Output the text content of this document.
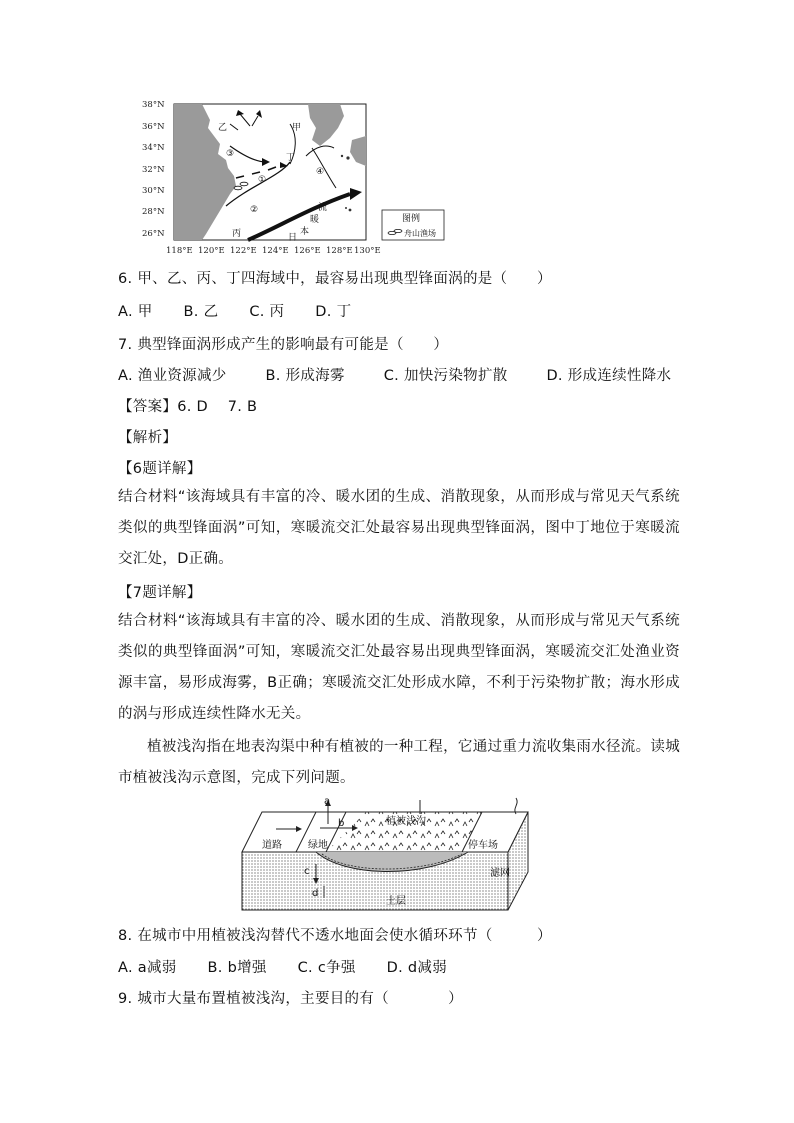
38°N
36°N
34°N
32°N
30°N
28°N
26°N
118°E 120°E 122°E 124°E 126°E 128°E 130°E
甲
乙
丙
丁
暖
流
日
本
①
②
③
④
图例
舟山渔场
6. 甲、乙、丙、丁四海域中，最容易出现典型锋面涡的是（　　）
A. 甲 B. 乙 C. 丙 D. 丁
7. 典型锋面涡形成产生的影响最有可能是（　　）
A. 渔业资源减少	B. 形成海雾	C. 加快污染物扩散	D. 形成连续性降水
【答案】6. D　 7. B
【解析】
【6题详解】
结合材料“该海域具有丰富的冷、暖水团的生成、消散现象，从而形成与常见天气系统类似的典型锋面涡”可知，寒暖流交汇处最容易出现典型锋面涡，图中丁地位于寒暖流交汇处，D正确。
【7题详解】
结合材料“该海域具有丰富的冷、暖水团的生成、消散现象，从而形成与常见天气系统类似的典型锋面涡”可知，寒暖流交汇处最容易出现典型锋面涡，寒暖流交汇处渔业资源丰富，易形成海雾，B正确；寒暖流交汇处形成水障，不利于污染物扩散；海水形成的涡与形成连续性降水无关。
植被浅沟指在地表沟渠中种有植被的一种工程，它通过重力流收集雨水径流。读城市植被浅沟示意图，完成下列问题。
道路	绿地
植被浅沟
停车场
滤网
土层
a
b
c
d
8. 在城市中用植被浅沟替代不透水地面会使水循环环节（　　　）
A. a减弱 B. b增强 C. c争强 D. d减弱
9. 城市大量布置植被浅沟，主要目的有（　　　　）
